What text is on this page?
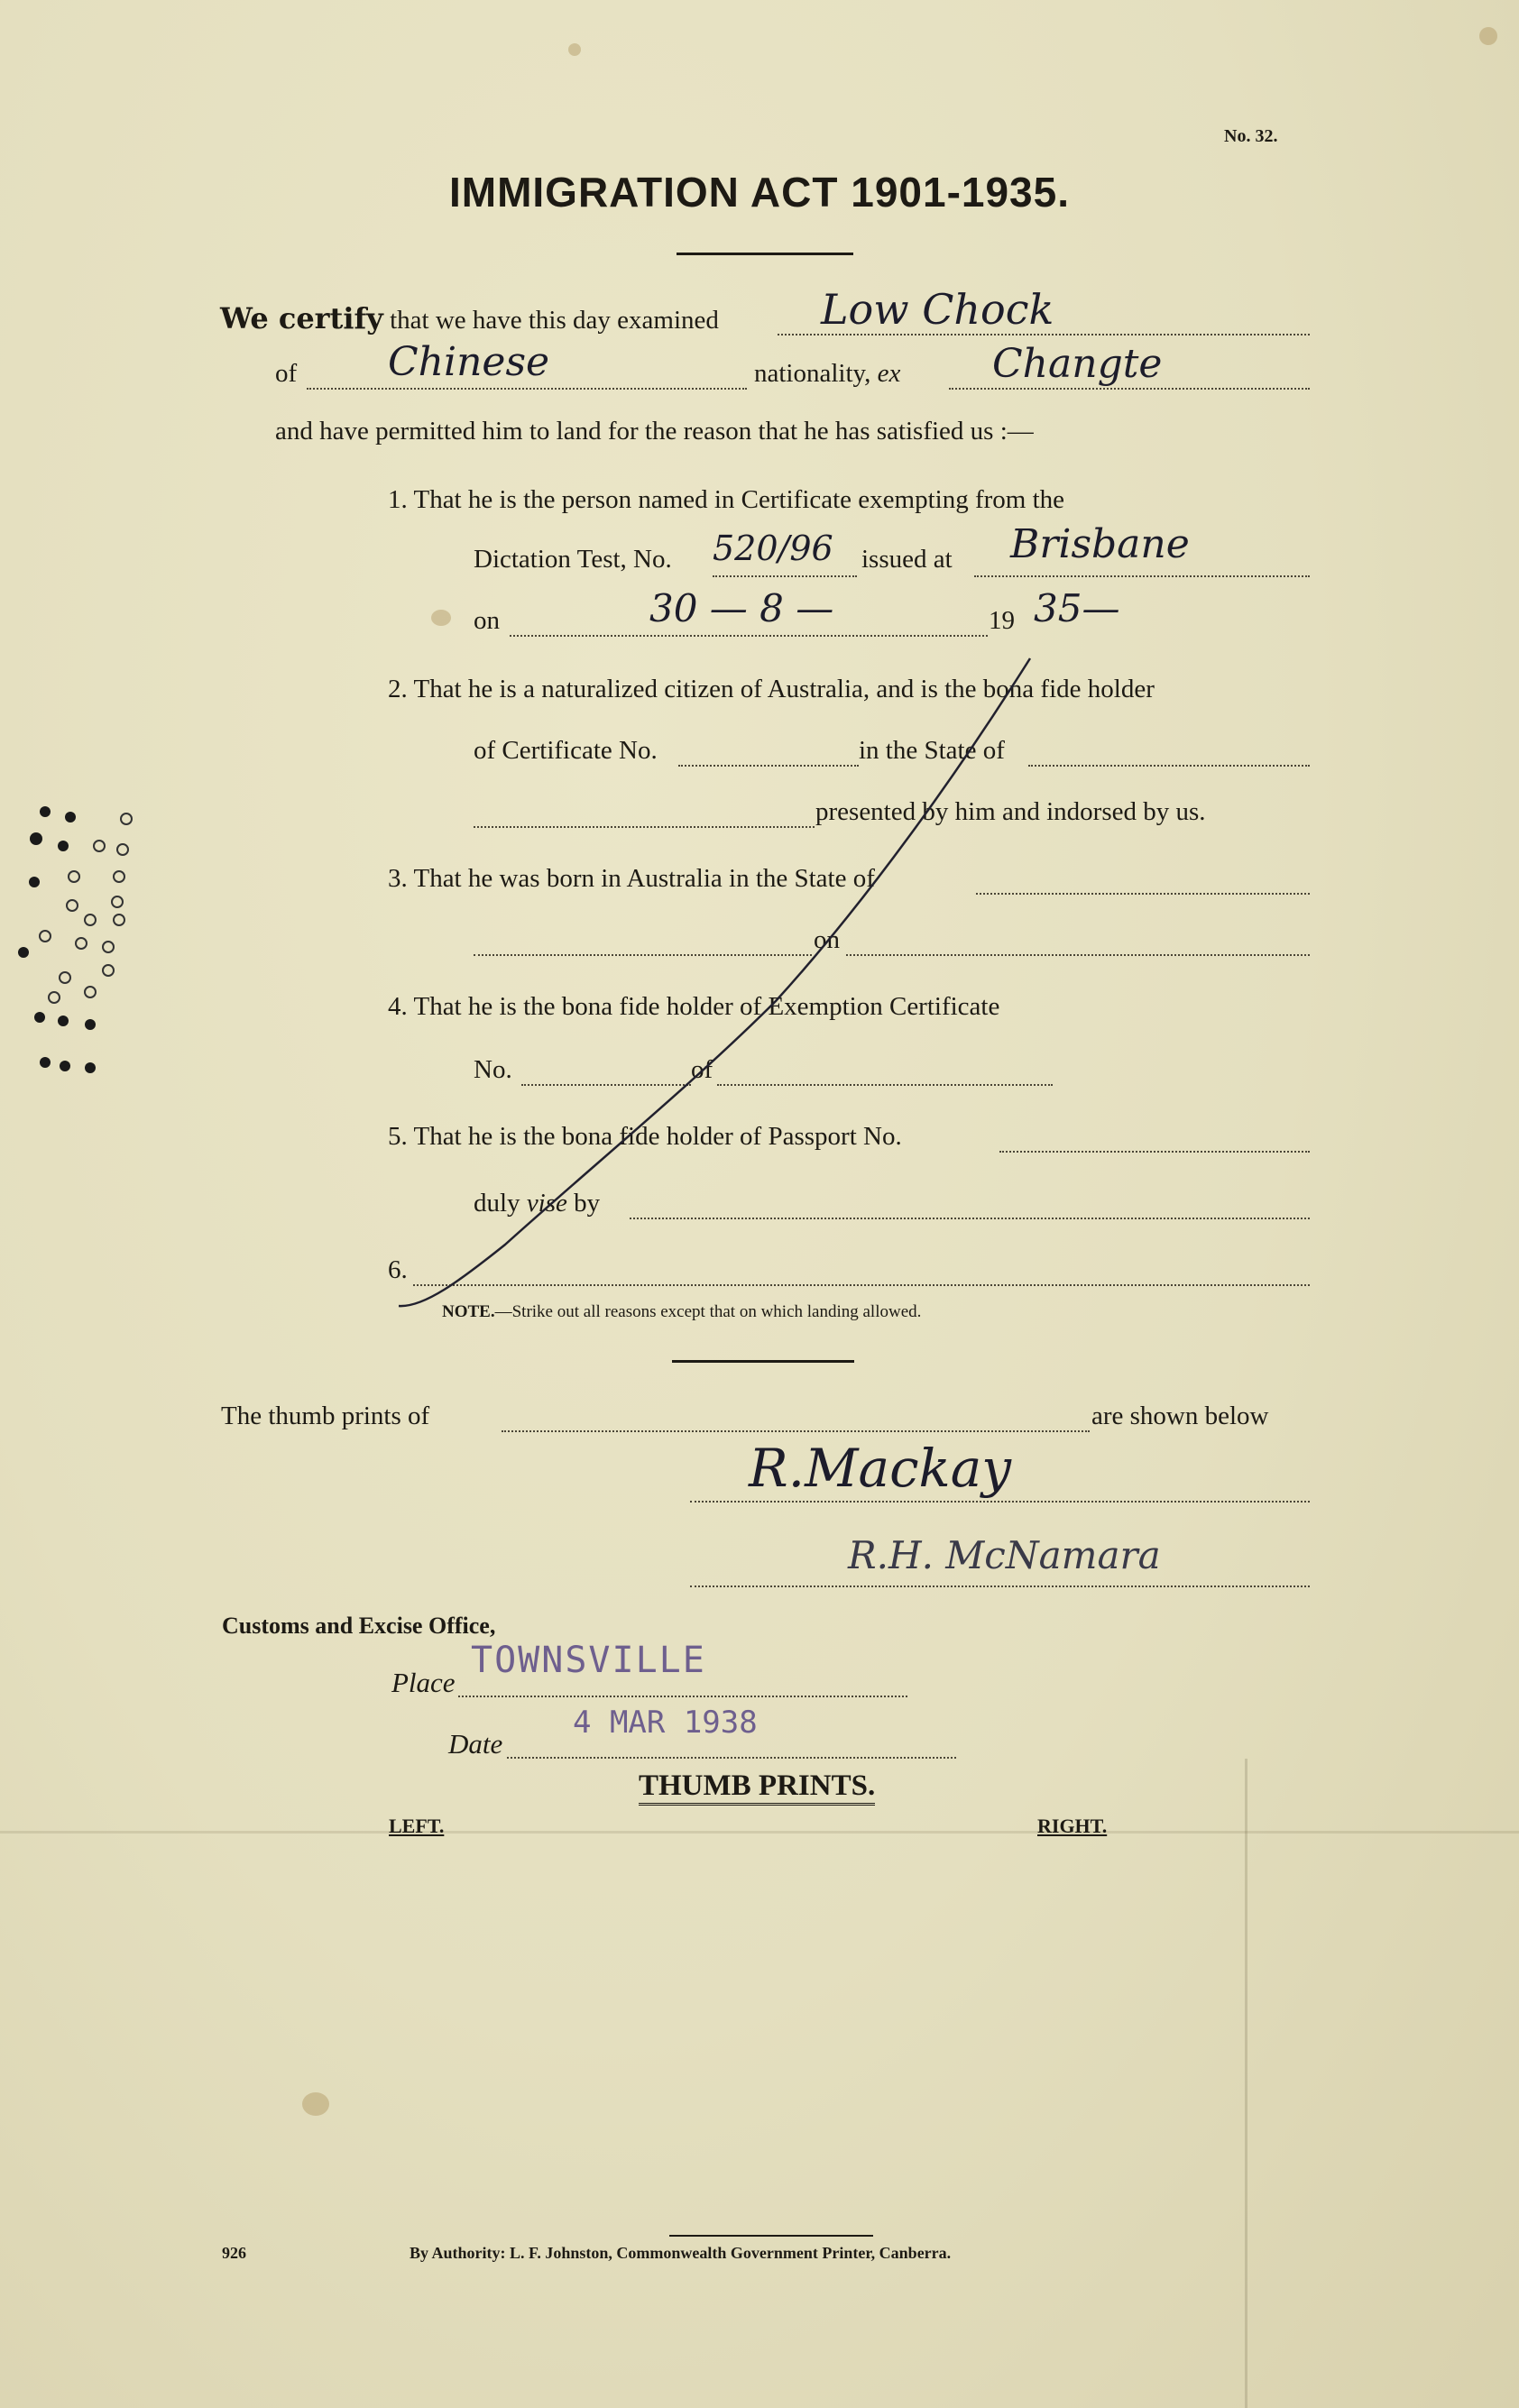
No. 32.
IMMIGRATION ACT 1901-1935.
We certify that we have this day examined Low Chock
of Chinese	nationality, ex Changte
and have permitted him to land for the reason that he has satisfied us :—
1. That he is the person named in Certificate exempting from the
Dictation Test, No. 520/96 issued at Brisbane
on	30 — 8 —	19 35—
2. That he is a naturalized citizen of Australia, and is the bona fide holder
of Certificate No.	in the State of
presented by him and indorsed by us.
3. That he was born in Australia in the State of
on
4. That he is the bona fide holder of Exemption Certificate
No.	of
5. That he is the bona fide holder of Passport No.
duly vise by
6.
NOTE.—Strike out all reasons except that on which landing allowed.
The thumb prints of	are shown below
R.Mackay
R.H. McNamara
Customs and Excise Office,
Place
TOWNSVILLE
Date
4 MAR 1938
THUMB PRINTS.
LEFT.	RIGHT.
926	By Authority: L. F. Johnston, Commonwealth Government Printer, Canberra.
